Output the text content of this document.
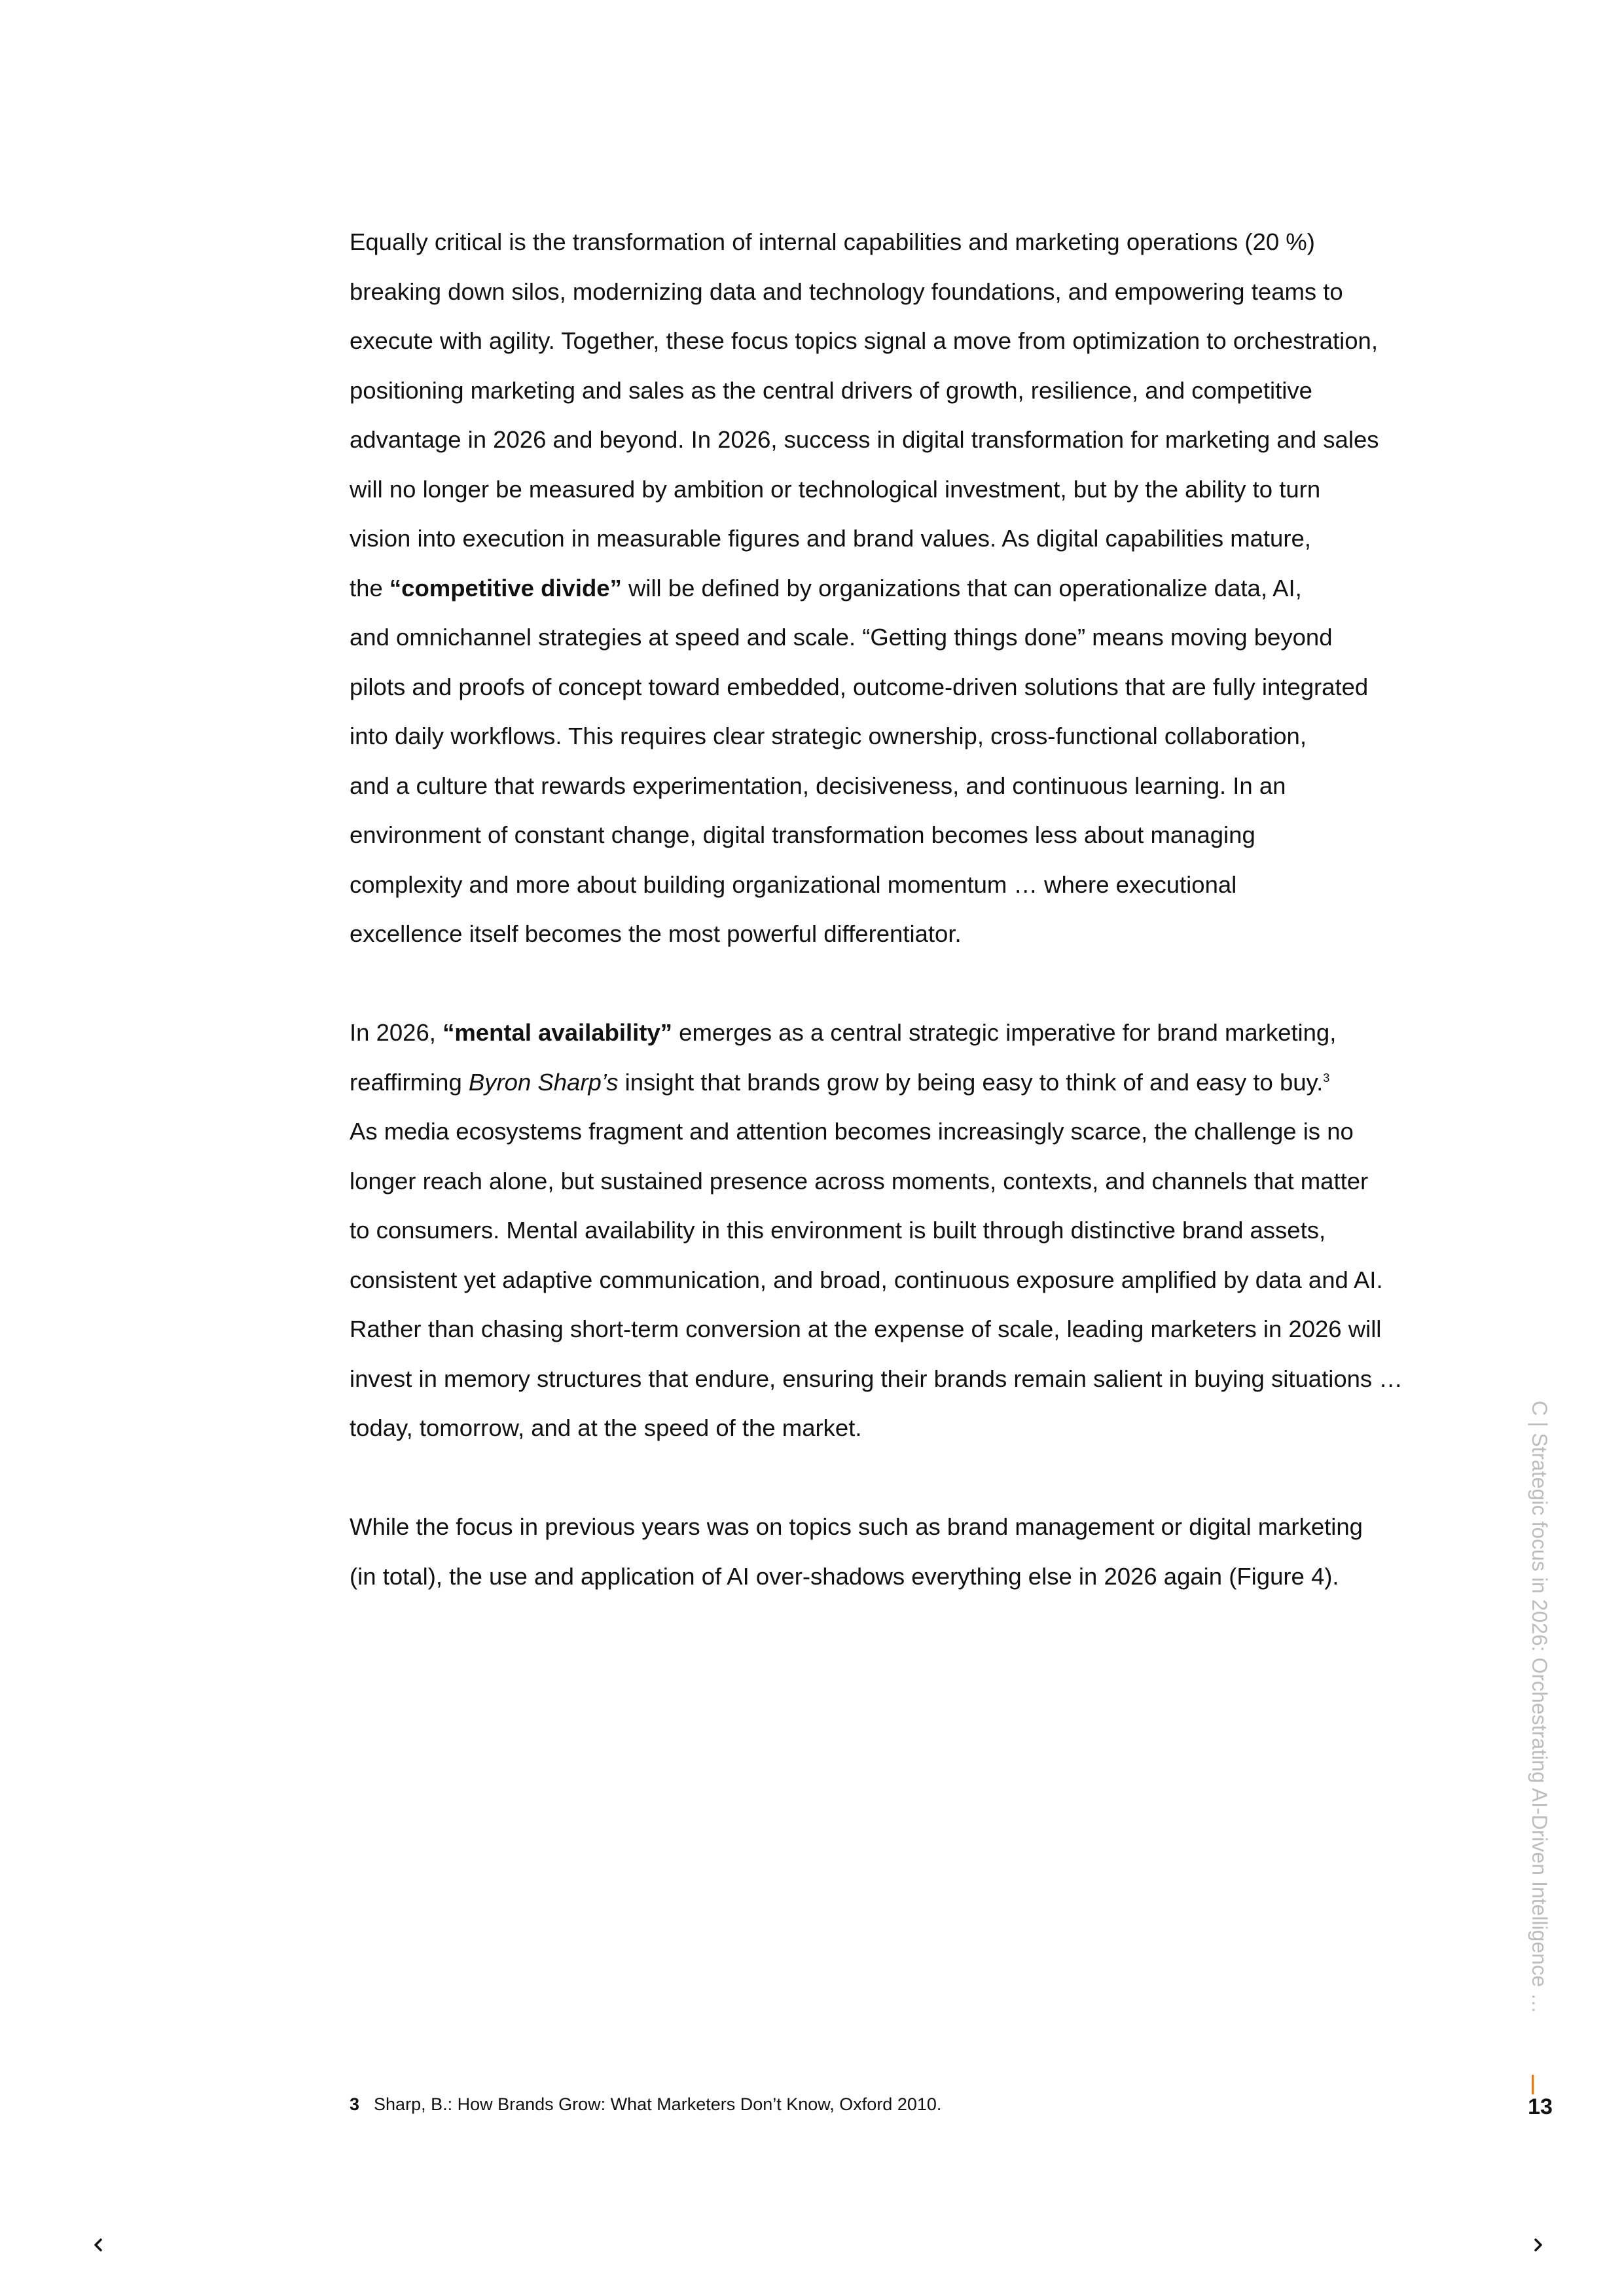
Equally critical is the transformation of internal capabilities and marketing operations (20 %)
breaking down silos, modernizing data and technology foundations, and empowering teams to
execute with agility. Together, these focus topics signal a move from optimization to orchestration,
positioning marketing and sales as the central drivers of growth, resilience, and competitive
advantage in 2026 and beyond. In 2026, success in digital transformation for marketing and sales
will no longer be measured by ambition or technological investment, but by the ability to turn
vision into execution in measurable figures and brand values. As digital capabilities mature,
the “competitive divide” will be defined by organizations that can operationalize data, AI,
and omnichannel strategies at speed and scale. “Getting things done” means moving beyond
pilots and proofs of concept toward embedded, outcome-driven solutions that are fully integrated
into daily workflows. This requires clear strategic ownership, cross-functional collaboration,
and a culture that rewards experimentation, decisiveness, and continuous learning. In an
environment of constant change, digital transformation becomes less about managing
complexity and more about building organizational momentum … where executional
excellence itself becomes the most powerful differentiator.
In 2026, “mental availability” emerges as a central strategic imperative for brand marketing,
reaffirming Byron Sharp’s insight that brands grow by being easy to think of and easy to buy.$^3$
As media ecosystems fragment and attention becomes increasingly scarce, the challenge is no
longer reach alone, but sustained presence across moments, contexts, and channels that matter
to consumers. Mental availability in this environment is built through distinctive brand assets,
consistent yet adaptive communication, and broad, continuous exposure amplified by data and AI.
Rather than chasing short-term conversion at the expense of scale, leading marketers in 2026 will
invest in memory structures that endure, ensuring their brands remain salient in buying situations …
today, tomorrow, and at the speed of the market.
While the focus in previous years was on topics such as brand management or digital marketing
(in total), the use and application of AI over-shadows everything else in 2026 again (Figure 4).
3 Sharp, B.: How Brands Grow: What Marketers Don’t Know, Oxford 2010.
C | Strategic focus in 2026: Orchestrating AI-Driven Intelligence …
13
